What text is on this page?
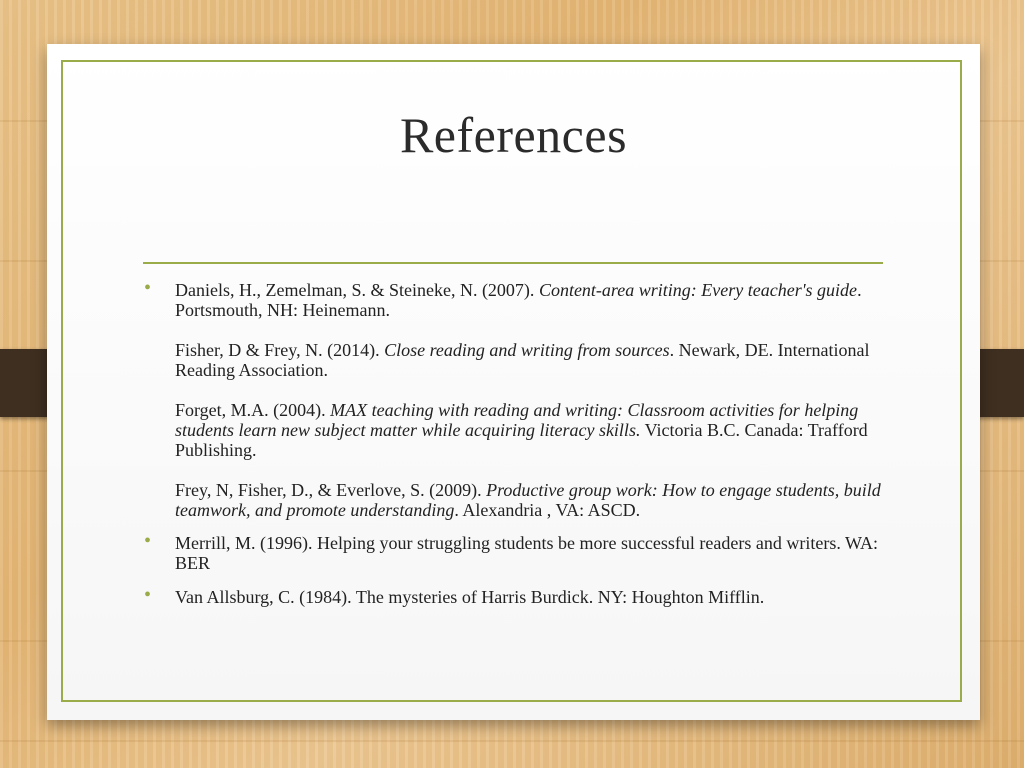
References
• Daniels, H., Zemelman, S. & Steineke, N. (2007). Content-area writing: Every teacher's guide. Portsmouth, NH: Heinemann.

Fisher, D & Frey, N. (2014). Close reading and writing from sources. Newark, DE. International Reading Association.

Forget, M.A. (2004). MAX teaching with reading and writing: Classroom activities for helping students learn new subject matter while acquiring literacy skills. Victoria B.C. Canada: Trafford Publishing.

Frey, N, Fisher, D., & Everlove, S. (2009). Productive group work: How to engage students, build teamwork, and promote understanding. Alexandria , VA: ASCD.

• Merrill, M. (1996). Helping your struggling students be more successful readers and writers. WA: BER

• Van Allsburg, C. (1984). The mysteries of Harris Burdick. NY: Houghton Mifflin.
